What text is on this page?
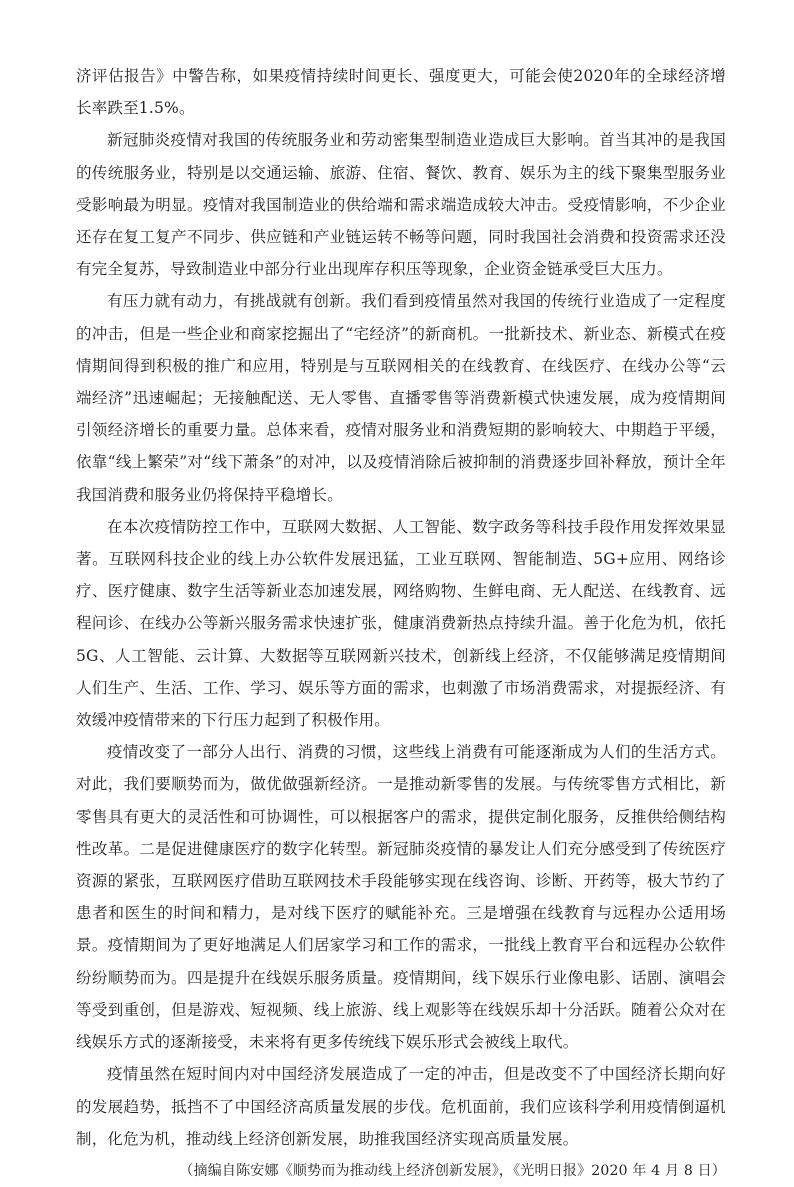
济评估报告》中警告称，如果疫情持续时间更长、强度更大，可能会使2020年的全球经济增长率跌至1.5%。

新冠肺炎疫情对我国的传统服务业和劳动密集型制造业造成巨大影响。首当其冲的是我国的传统服务业，特别是以交通运输、旅游、住宿、餐饮、教育、娱乐为主的线下聚集型服务业受影响最为明显。疫情对我国制造业的供给端和需求端造成较大冲击。受疫情影响，不少企业还存在复工复产不同步、供应链和产业链运转不畅等问题，同时我国社会消费和投资需求还没有完全复苏，导致制造业中部分行业出现库存积压等现象，企业资金链承受巨大压力。

有压力就有动力，有挑战就有创新。我们看到疫情虽然对我国的传统行业造成了一定程度的冲击，但是一些企业和商家挖掘出了“宅经济”的新商机。一批新技术、新业态、新模式在疫情期间得到积极的推广和应用，特别是与互联网相关的在线教育、在线医疗、在线办公等“云端经济”迅速崛起；无接触配送、无人零售、直播零售等消费新模式快速发展，成为疫情期间引领经济增长的重要力量。总体来看，疫情对服务业和消费短期的影响较大、中期趋于平缓，依靠“线上繁荣”对“线下萧条”的对冲，以及疫情消除后被抑制的消费逐步回补释放，预计全年我国消费和服务业仍将保持平稳增长。

在本次疫情防控工作中，互联网大数据、人工智能、数字政务等科技手段作用发挥效果显著。互联网科技企业的线上办公软件发展迅猛，工业互联网、智能制造、5G+应用、网络诊疗、医疗健康、数字生活等新业态加速发展，网络购物、生鲜电商、无人配送、在线教育、远程问诊、在线办公等新兴服务需求快速扩张，健康消费新热点持续升温。善于化危为机，依托5G、人工智能、云计算、大数据等互联网新兴技术，创新线上经济，不仅能够满足疫情期间人们生产、生活、工作、学习、娱乐等方面的需求，也刺激了市场消费需求，对提振经济、有效缓冲疫情带来的下行压力起到了积极作用。

疫情改变了一部分人出行、消费的习惯，这些线上消费有可能逐渐成为人们的生活方式。对此，我们要顺势而为，做优做强新经济。一是推动新零售的发展。与传统零售方式相比，新零售具有更大的灵活性和可协调性，可以根据客户的需求，提供定制化服务，反推供给侧结构性改革。二是促进健康医疗的数字化转型。新冠肺炎疫情的暴发让人们充分感受到了传统医疗资源的紧张，互联网医疗借助互联网技术手段能够实现在线咨询、诊断、开药等，极大节约了患者和医生的时间和精力，是对线下医疗的赋能补充。三是增强在线教育与远程办公适用场景。疫情期间为了更好地满足人们居家学习和工作的需求，一批线上教育平台和远程办公软件纷纷顺势而为。四是提升在线娱乐服务质量。疫情期间，线下娱乐行业像电影、话剧、演唱会等受到重创，但是游戏、短视频、线上旅游、线上观影等在线娱乐却十分活跃。随着公众对在线娱乐方式的逐渐接受，未来将有更多传统线下娱乐形式会被线上取代。

疫情虽然在短时间内对中国经济发展造成了一定的冲击，但是改变不了中国经济长期向好的发展趋势，抵挡不了中国经济高质量发展的步伐。危机面前，我们应该科学利用疫情倒逼机制，化危为机，推动线上经济创新发展，助推我国经济实现高质量发展。

（摘编自陈安娜《顺势而为推动线上经济创新发展》，《光明日报》2020 年 4 月 8 日）
